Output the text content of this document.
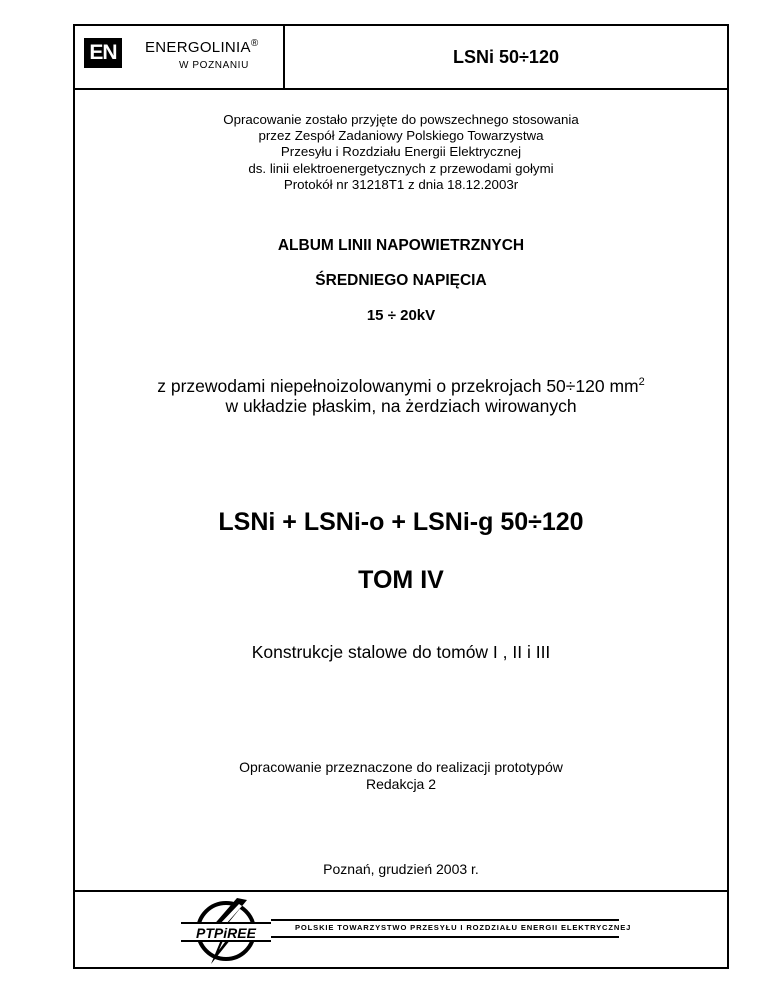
EN	ENERGOLINIA®
W POZNANIU	LSNi 50÷120
Opracowanie zostało przyjęte do powszechnego stosowania
przez Zespół Zadaniowy Polskiego Towarzystwa
Przesyłu i Rozdziału Energii Elektrycznej
ds. linii elektroenergetycznych z przewodami gołymi
Protokół nr 31218T1 z dnia 18.12.2003r
ALBUM LINII NAPOWIETRZNYCH
ŚREDNIEGO NAPIĘCIA
15 ÷ 20kV
z przewodami niepełnoizolowanymi o przekrojach 50÷120 $mm^2$
w układzie płaskim, na żerdziach wirowanych
LSNi + LSNi-o + LSNi-g 50÷120
TOM IV
Konstrukcje stalowe do tomów I , II i III
Opracowanie przeznaczone do realizacji prototypów
Redakcja 2
Poznań, grudzień 2003 r.
PTPiREE	POLSKIE TOWARZYSTWO PRZESYŁU I ROZDZIAŁU ENERGII ELEKTRYCZNEJ
